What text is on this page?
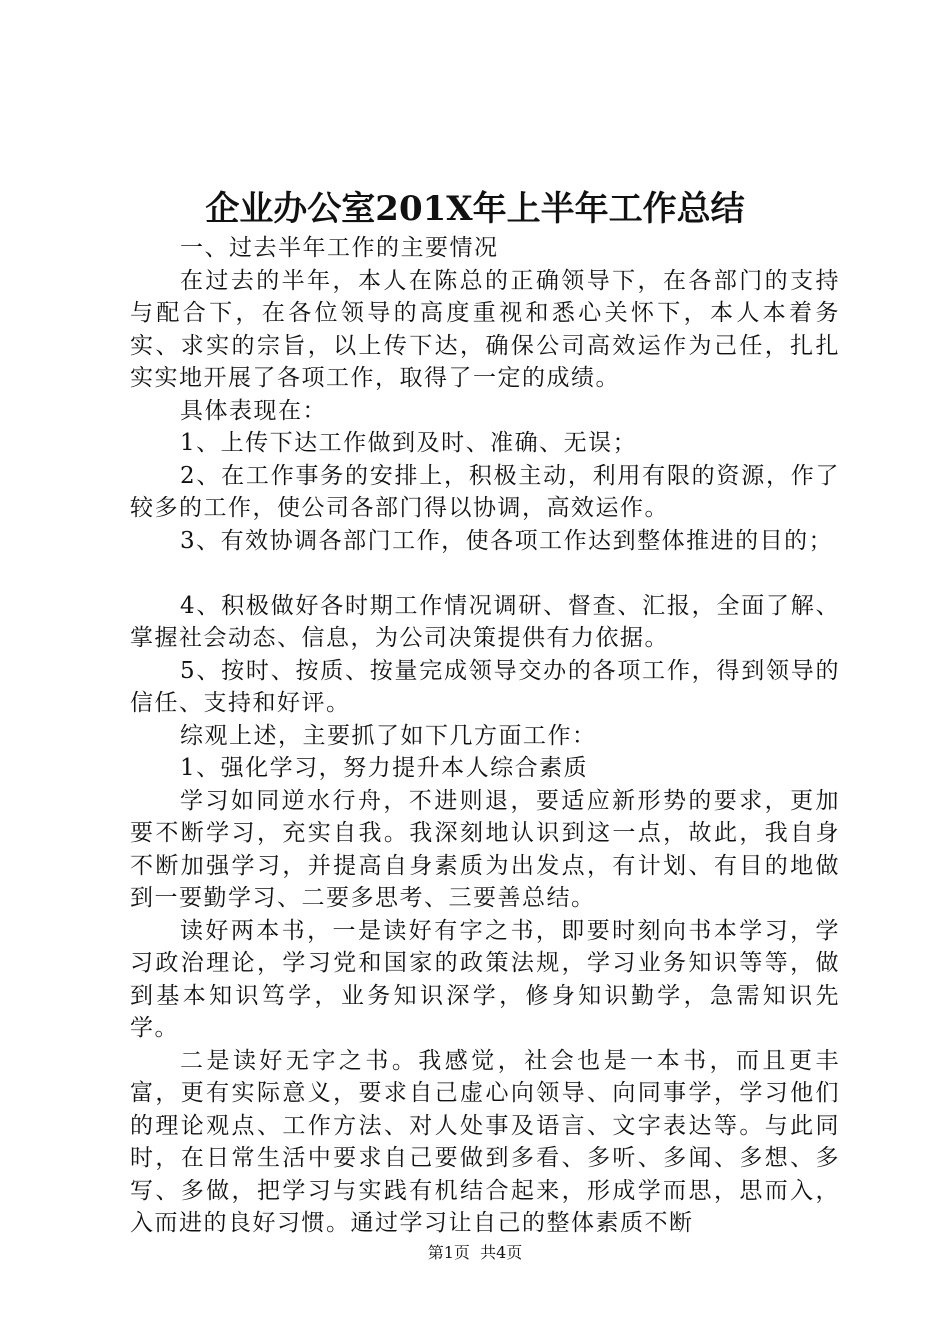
企业办公室201X年上半年工作总结

一、过去半年工作的主要情况

在过去的半年，本人在陈总的正确领导下，在各部门的支持与配合下，在各位领导的高度重视和悉心关怀下，本人本着务实、求实的宗旨，以上传下达，确保公司高效运作为己任，扎扎实实地开展了各项工作，取得了一定的成绩。

具体表现在：

1、上传下达工作做到及时、准确、无误；

2、在工作事务的安排上，积极主动，利用有限的资源，作了较多的工作，使公司各部门得以协调，高效运作。

3、有效协调各部门工作，使各项工作达到整体推进的目的；

4、积极做好各时期工作情况调研、督查、汇报，全面了解、掌握社会动态、信息，为公司决策提供有力依据。

5、按时、按质、按量完成领导交办的各项工作，得到领导的信任、支持和好评。

综观上述，主要抓了如下几方面工作：

1、强化学习，努力提升本人综合素质

学习如同逆水行舟，不进则退，要适应新形势的要求，更加要不断学习，充实自我。我深刻地认识到这一点，故此，我自身不断加强学习，并提高自身素质为出发点，有计划、有目的地做到一要勤学习、二要多思考、三要善总结。

读好两本书，一是读好有字之书，即要时刻向书本学习，学习政治理论，学习党和国家的政策法规，学习业务知识等等，做到基本知识笃学，业务知识深学，修身知识勤学，急需知识先学。

二是读好无字之书。我感觉，社会也是一本书，而且更丰富，更有实际意义，要求自己虚心向领导、向同事学，学习他们的理论观点、工作方法、对人处事及语言、文字表达等。与此同时，在日常生活中要求自己要做到多看、多听、多闻、多想、多写、多做，把学习与实践有机结合起来，形成学而思，思而入，入而进的良好习惯。通过学习让自己的整体素质不断

第1页 共4页
